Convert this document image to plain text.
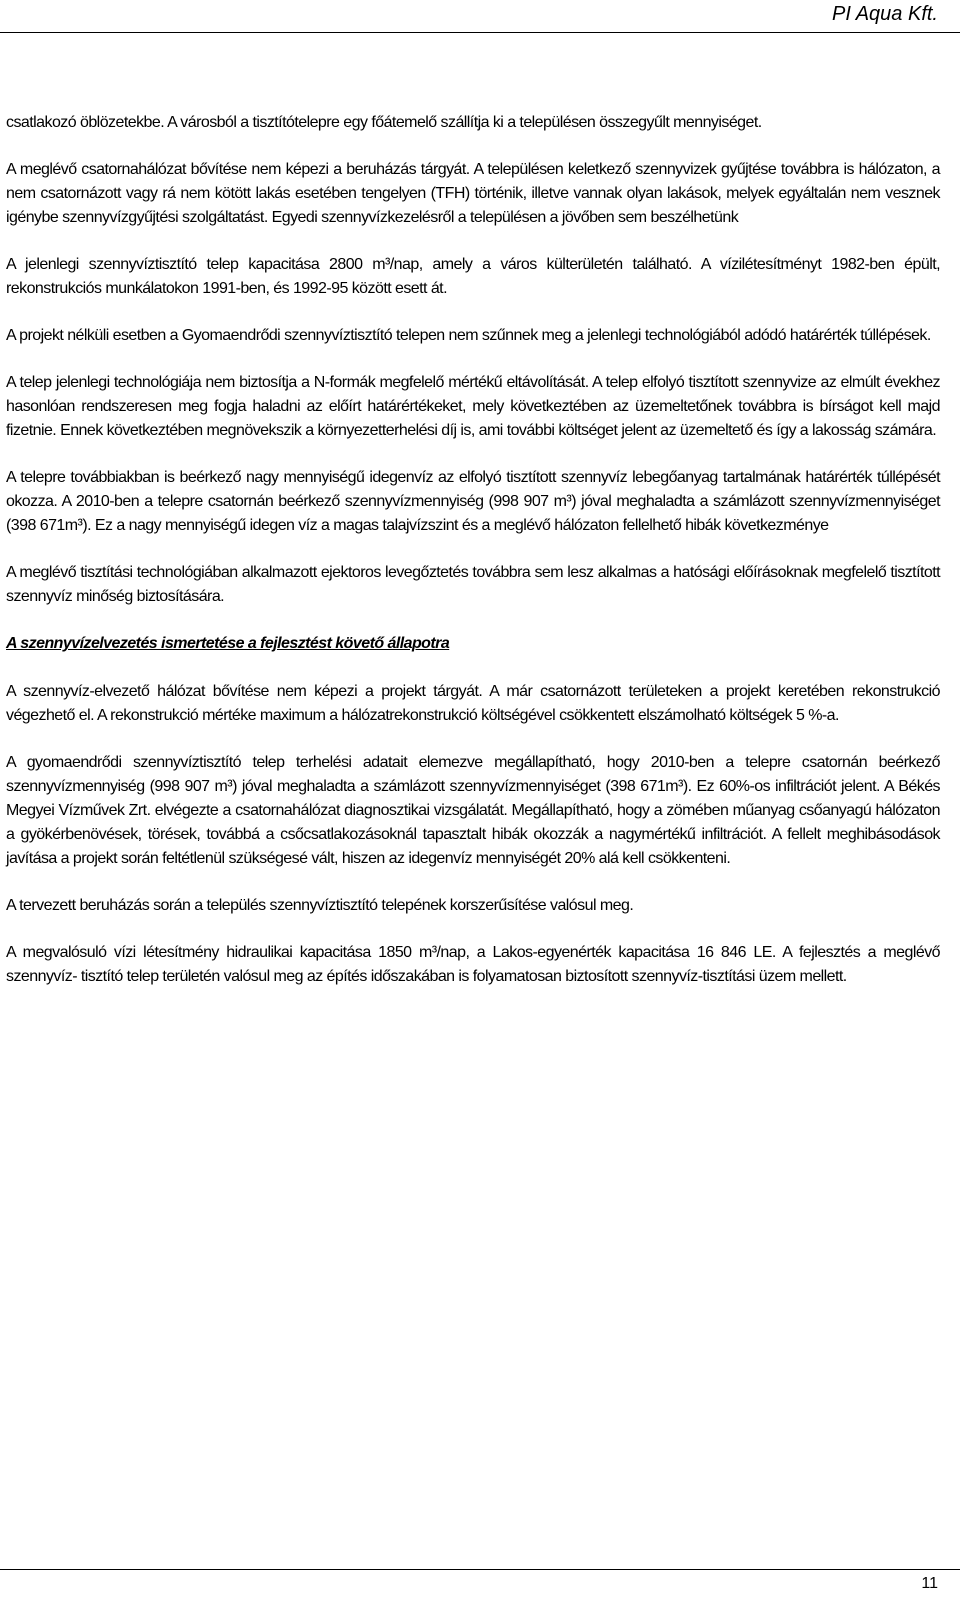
PI Aqua Kft.

csatlakozó öblözetekbe. A városból a tisztítótelepre egy főátemelő szállítja ki a településen összegyűlt mennyiséget.

A meglévő csatornahálózat bővítése nem képezi a beruházás tárgyát. A településen keletkező szennyvizek gyűjtése továbbra is hálózaton, a nem csatornázott vagy rá nem kötött lakás esetében tengelyen (TFH) történik, illetve vannak olyan lakások, melyek egyáltalán nem vesznek igénybe szennyvízgyűjtési szolgáltatást. Egyedi szennyvízkezelésről a településen a jövőben sem beszélhetünk

A jelenlegi szennyvíztisztító telep kapacitása 2800 m³/nap, amely a város külterületén található. A vízilétesítményt 1982-ben épült, rekonstrukciós munkálatokon 1991-ben, és 1992-95 között esett át.

A projekt nélküli esetben a Gyomaendrődi szennyvíztisztító telepen nem szűnnek meg a jelenlegi technológiából adódó határérték túllépések.

A telep jelenlegi technológiája nem biztosítja a N-formák megfelelő mértékű eltávolítását. A telep elfolyó tisztított szennyvize az elmúlt évekhez hasonlóan rendszeresen meg fogja haladni az előírt határértékeket, mely következtében az üzemeltetőnek továbbra is bírságot kell majd fizetnie. Ennek következtében megnövekszik a környezetterhelési díj is, ami további költséget jelent az üzemeltető és így a lakosság számára.

A telepre továbbiakban is beérkező nagy mennyiségű idegenvíz az elfolyó tisztított szennyvíz lebegőanyag tartalmának határérték túllépését okozza. A 2010-ben a telepre csatornán beérkező szennyvízmennyiség (998 907 m³) jóval meghaladta a számlázott szennyvízmennyiséget (398 671m³). Ez a nagy mennyiségű idegen víz a magas talajvízszint és a meglévő hálózaton fellelhető hibák következménye

A meglévő tisztítási technológiában alkalmazott ejektoros levegőztetés továbbra sem lesz alkalmas a hatósági előírásoknak megfelelő tisztított szennyvíz minőség biztosítására.

A szennyvízelvezetés ismertetése a fejlesztést követő állapotra

A szennyvíz-elvezető hálózat bővítése nem képezi a projekt tárgyát. A már csatornázott területeken a projekt keretében rekonstrukció végezhető el. A rekonstrukció mértéke maximum a hálózatrekonstrukció költségével csökkentett elszámolható költségek 5 %-a.

A gyomaendrődi szennyvíztisztító telep terhelési adatait elemezve megállapítható, hogy 2010-ben a telepre csatornán beérkező szennyvízmennyiség (998 907 m³) jóval meghaladta a számlázott szennyvízmennyiséget (398 671m³). Ez 60%-os infiltrációt jelent. A Békés Megyei Vízművek Zrt. elvégezte a csatornahálózat diagnosztikai vizsgálatát. Megállapítható, hogy a zömében műanyag csőanyagú hálózaton a gyökérbenövések, törések, továbbá a csőcsatlakozásoknál tapasztalt hibák okozzák a nagymértékű infiltrációt. A fellelt meghibásodások javítása a projekt során feltétlenül szükségesé vált, hiszen az idegenvíz mennyiségét 20% alá kell csökkenteni.

A tervezett beruházás során a település szennyvíztisztító telepének korszerűsítése valósul meg.

A megvalósuló vízi létesítmény hidraulikai kapacitása 1850 m³/nap, a Lakos-egyenérték kapacitása 16 846 LE. A fejlesztés a meglévő szennyvíz- tisztító telep területén valósul meg az építés időszakában is folyamatosan biztosított szennyvíz-tisztítási üzem mellett.

11
